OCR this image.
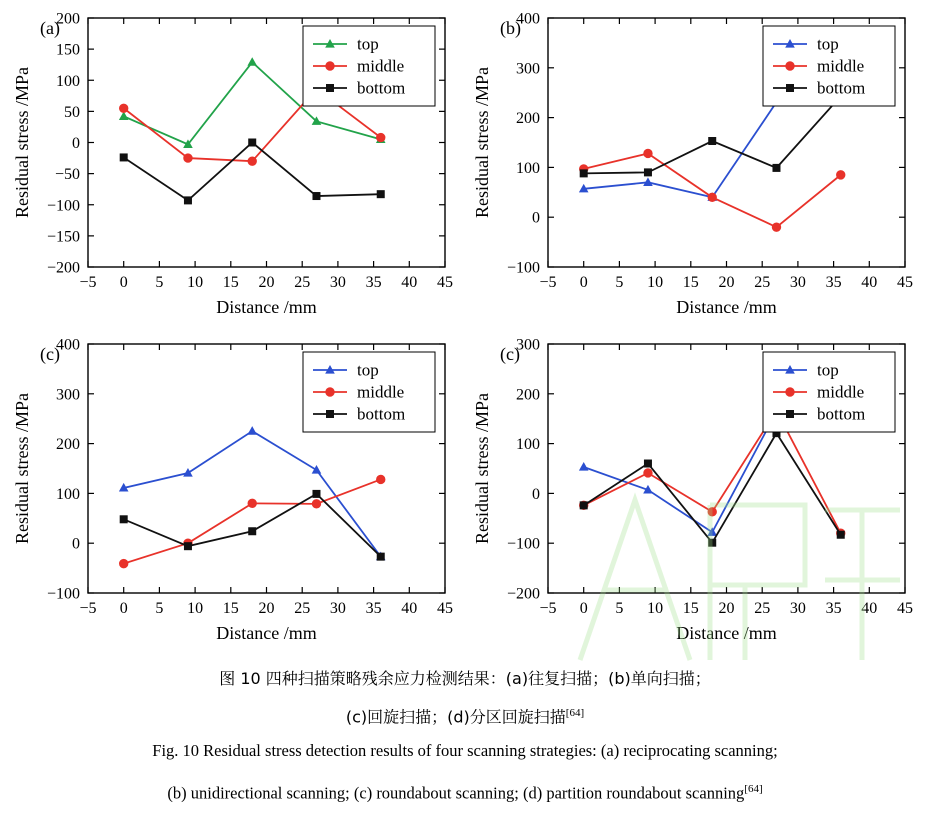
−5 0 5 10 15 20 25 30 35 40 45
−200
−150
−100
−50
0
50
100
150
200
Distance /mm
Residual stress /MPa
(a)
top
middle
bottom
−5 0 5 10 15 20 25 30 35 40 45
−100
0
100
200
300
400
Distance /mm
Residual stress /MPa
(b)
top
middle
bottom
−5 0 5 10 15 20 25 30 35 40 45
−100
0
100
200
300
400
Distance /mm
Residual stress /MPa
(c)
top
middle
bottom
−5 0 5 10 15 20 25 30 35 40 45
−200
−100
0
100
200
300
Distance /mm
Residual stress /MPa
(c)
top
middle
bottom
图 10 四种扫描策略残余应力检测结果：(a)往复扫描；(b)单向扫描；
(c)回旋扫描；(d)分区回旋扫描[64]
Fig. 10 Residual stress detection results of four scanning strategies: (a) reciprocating scanning;
(b) unidirectional scanning; (c) roundabout scanning; (d) partition roundabout scanning[64]
